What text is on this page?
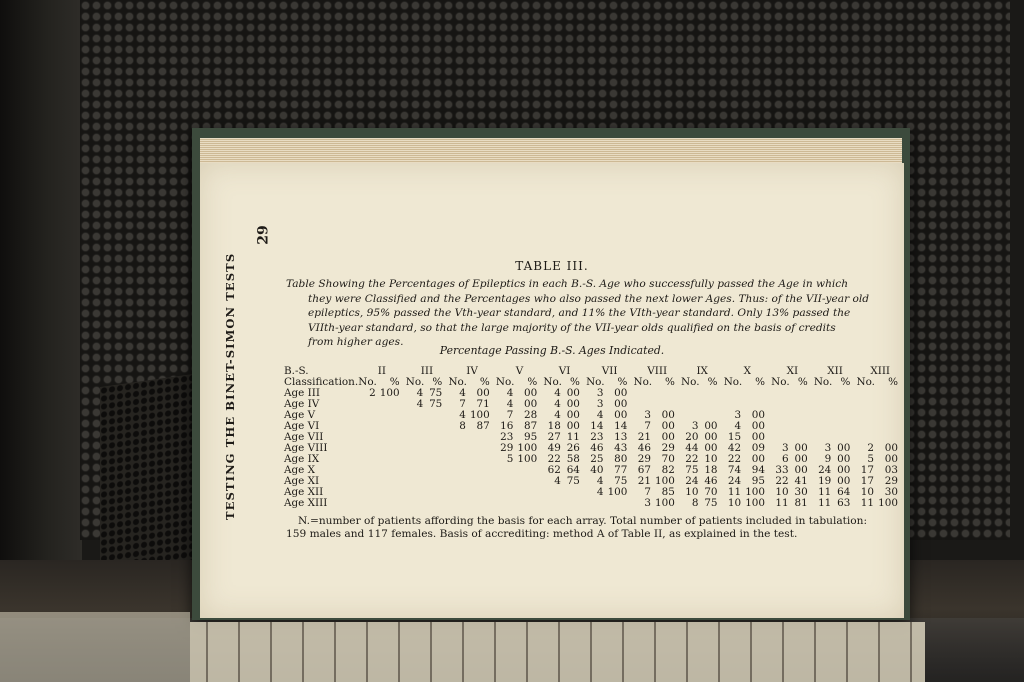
TESTING THE BINET-SIMON TESTS
29
TABLE III.
Table Showing the Percentages of Epileptics in each B.-S. Age who successfully passed the Age in which
they were Classified and the Percentages who also passed the next lower Ages. Thus: of the VII-year old
epileptics, 95% passed the Vth-year standard, and 11% the VIth-year standard. Only 13% passed the
VIIth-year standard, so that the large majority of the VII-year olds qualified on the basis of credits
from higher ages.
Percentage Passing B.-S. Ages Indicated.
B.-S.	II		III		IV		V		VI		VII		VIII		IX		X		XI		XII		XIII	
Classification.	No.	%	No.	%	No.	%	No.	%	No.	%	No.	%	No.	%	No.	%	No.	%	No.	%	No.	%	No.	%
Age III	2	100	4	75	4	00	4	00	4	00	3	00												
Age IV			4	75	7	71	4	00	4	00	3	00												
Age V					4	100	7	28	4	00	4	00	3	00			3	00						
Age VI					8	87	16	87	18	00	14	14	7	00	3	00	4	00						
Age VII							23	95	27	11	23	13	21	00	20	00	15	00						
Age VIII							29	100	49	26	46	43	46	29	44	00	42	09	3	00	3	00	2	00
Age IX							5	100	22	58	25	80	29	70	22	10	22	00	6	00	9	00	5	00
Age X									62	64	40	77	67	82	75	18	74	94	33	00	24	00	17	03
Age XI									4	75	4	75	21	100	24	46	24	95	22	41	19	00	17	29
Age XII											4	100	7	85	10	70	11	100	10	30	11	64	10	30
Age XIII													3	100	8	75	10	100	11	81	11	63	11	100
N.=number of patients affording the basis for each array. Total number of patients included in tabulation: 159 males and 117 females. Basis of accrediting: method A of Table II, as explained in the test.
